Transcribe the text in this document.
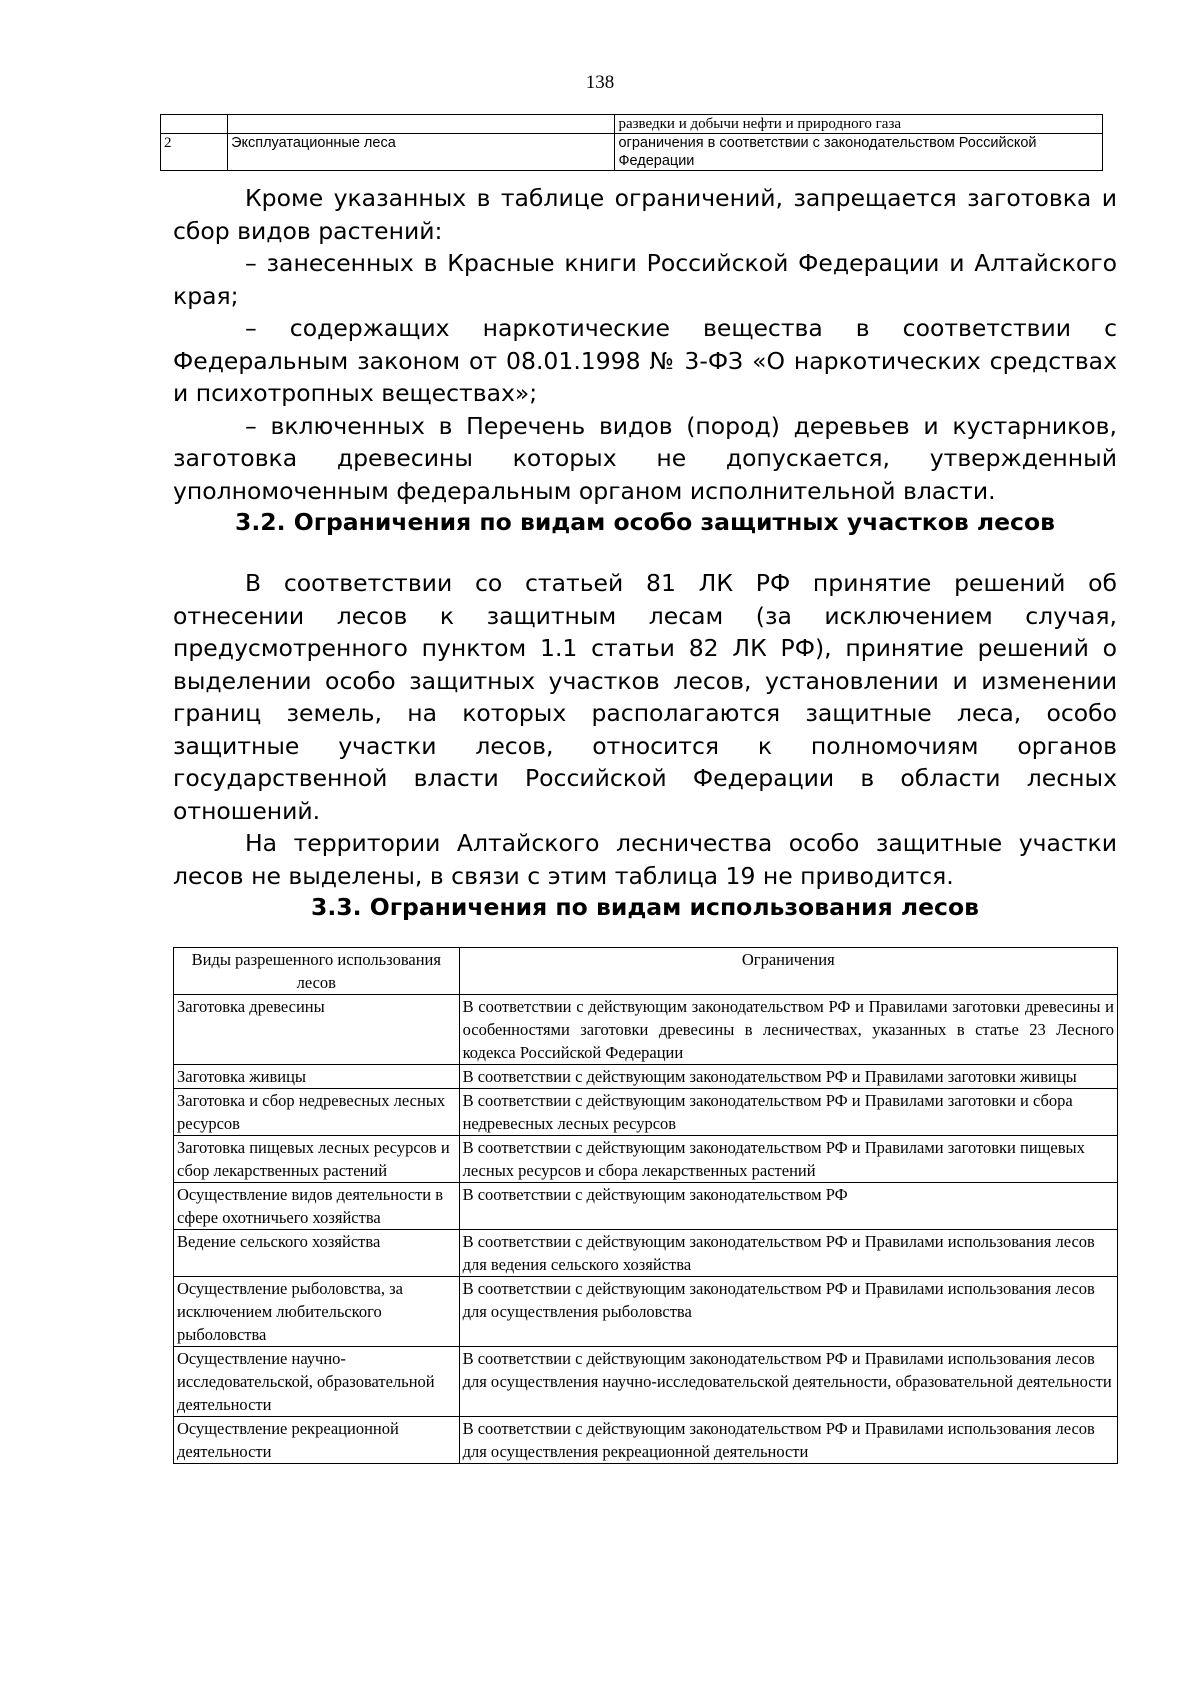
138
		разведки и добычи нефти и природного газа
2	Эксплуатационные леса	ограничения в соответствии с законодательством Российской Федерации

Кроме указанных в таблице ограничений, запрещается заготовка и сбор видов растений:

– занесенных в Красные книги Российской Федерации и Алтайского края;

– содержащих наркотические вещества в соответствии с Федеральным законом от 08.01.1998 № 3-ФЗ «О наркотических средствах и психотропных веществах»;

– включенных в Перечень видов (пород) деревьев и кустарников, заготовка древесины которых не допускается, утвержденный уполномоченным федеральным органом исполнительной власти.

3.2. Ограничения по видам особо защитных участков лесов

В соответствии со статьей 81 ЛК РФ принятие решений об отнесении лесов к защитным лесам (за исключением случая, предусмотренного пунктом 1.1 статьи 82 ЛК РФ), принятие решений о выделении особо защитных участков лесов, установлении и изменении границ земель, на которых располагаются защитные леса, особо защитные участки лесов, относится к полномочиям органов государственной власти Российской Федерации в области лесных отношений.

На территории Алтайского лесничества особо защитные участки лесов не выделены, в связи с этим таблица 19 не приводится.

3.3. Ограничения по видам использования лесов
Виды разрешенного использования лесов	Ограничения
Заготовка древесины	В соответствии с действующим законодательством РФ и Правилами заготовки древесины и особенностями заготовки древесины в лесничествах, указанных в статье 23 Лесного кодекса Российской Федерации
Заготовка живицы	В соответствии с действующим законодательством РФ и Правилами заготовки живицы
Заготовка и сбор недревесных лесных ресурсов	В соответствии с действующим законодательством РФ и Правилами заготовки и сбора недревесных лесных ресурсов
Заготовка пищевых лесных ресурсов и сбор лекарственных растений	В соответствии с действующим законодательством РФ и Правилами заготовки пищевых лесных ресурсов и сбора лекарственных растений
Осуществление видов деятельности в сфере охотничьего хозяйства	В соответствии с действующим законодательством РФ
Ведение сельского хозяйства	В соответствии с действующим законодательством РФ и Правилами использования лесов для ведения сельского хозяйства
Осуществление рыболовства, за исключением любительского рыболовства	В соответствии с действующим законодательством РФ и Правилами использования лесов для осуществления рыболовства
Осуществление научно-исследовательской, образовательной деятельности	В соответствии с действующим законодательством РФ и Правилами использования лесов для осуществления научно-исследовательской деятельности, образовательной деятельности
Осуществление рекреационной деятельности	В соответствии с действующим законодательством РФ и Правилами использования лесов для осуществления рекреационной деятельности
